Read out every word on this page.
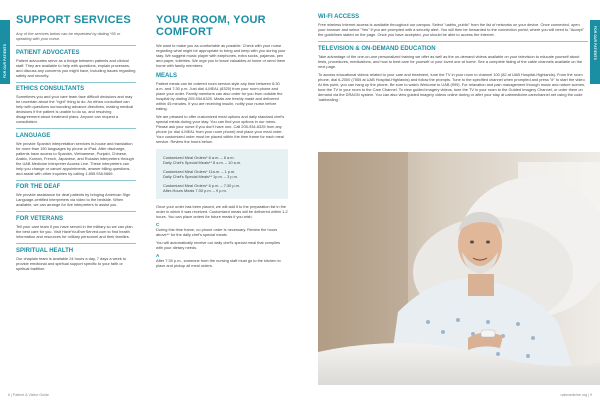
FOR OUR PATIENTS
FOR OUR PATIENTS
SUPPORT SERVICES

Any of the services below can be requested by dialing *55 or speaking with your nurse.

PATIENT ADVOCATES

Patient advocates serve as a bridge between patients and clinical staff. They are available to help with questions, explain processes, and discuss any concerns you might have, including issues regarding safety and security.

ETHICS CONSULTANTS

Sometimes you and your care team face difficult decisions and may be uncertain about the "right" thing to do. An ethics consultant can help with questions surrounding advance directives, making medical decisions if the patient is unable to do so, and resolving disagreement about treatment plans. Anyone can request a consultation.

LANGUAGE

We provide Spanish interpretation services in-house and translation for more than 150 languages by phone or iPad. After discharge, patients have access to Spanish, Vietnamese, Punjabi, Chinese, Arabic, Korean, French, Japanese, and Russian interpreters through the UAB Medicine Interpreter Access Line. These interpreters can help you change or cancel appointments, answer billing questions, and assist with other inquiries by calling 1.855.938.0669.

FOR THE DEAF

We provide assistance for deaf patients by bringing American Sign Language-certified interpreters via video to the bedside. When available, we can arrange for live interpreters to assist you.

FOR VETERANS

Tell your care team if you have served in the military so we can plan the best care for you. Visit HaveYouEverServed.com to find health information and resources for military personnel and their families.

SPIRITUAL HEALTH

Our chaplain team is available 24 hours a day, 7 days a week to provide emotional and spiritual support specific to your faith or spiritual tradition.

YOUR ROOM, YOUR COMFORT

We want to make you as comfortable as possible. Check with your nurse regarding what might be appropriate to bring and keep with you during your stay. We suggest music player with earphones, extra socks, pajamas, pen and paper, toiletries. We urge you to leave valuables at home or send them home with family members.

MEALS

Patient meals can be ordered room service-style any time between 6:30 a.m. and 7:30 p.m. Just dial 4-MEAL (6325) from your room phone and place your order. Family members can also order for you from outside the hospital by dialing 205.934.6325. Meals are freshly made and delivered within 45 minutes. If you are receiving insulin, notify your nurse before eating.

We are pleased to offer customized meal options and daily standard chef's special meals during your stay. You can find your options in our menu. Please ask your nurse if you don't have one. Call 205-934-6325 from any phone (or dial 4-MEAL from your room phone) and place your meal order. Your customized order must be placed within the time frame for each meal service. Review the hours below.

Customized Meal Orders* 6 a.m. – 8 a.m.
Daily Chef's Special Meals** 8 a.m. – 10 a.m.
Customized Meal Orders* 11a.m. – 1 p.m.
Daily Chef's Special Meals** 1p.m. – 3 p.m.
Customized Meal Orders* 6 p.m. – 7:30 p.m.
After-Hours Meals 7:30 p.m. – 9 p.m.

Once your order has been placed, we will add it to the preparation list in the order in which it was received. Customized meals will be delivered within 1-2 hours. You can place orders for future meals if you wish.

C

During this time frame, no phone order is necessary. Review the hours above** for the daily chef's special meals.

You will automatically receive our daily chef's special meal that complies with your dietary needs.

A

After 7:30 p.m., someone from the nursing staff must go to the kitchen to place and pickup all meal orders.

WI-FI ACCESS

Free wireless Internet access is available throughout our campus. Select "uabhs_public" from the list of networks on your device. Once connected, open your browser and select "Yes" if you are prompted with a security alert. You will then be forwarded to the connection portal, where you will need to "Accept" the guidelines stated on the page. Once you have accepted, you should be able to access the Internet.

TELEVISION & ON-DEMAND EDUCATION

Take advantage of the one-on-one personalized training we offer as well as the on-demand videos available on your television to educate yourself about tests, procedures, medications, and how to best care for yourself or your loved one at home. See a complete listing of the cable channels available on the next page.

To access educational videos related to your care and treatment, tune the TV in your room to channel 100 (82 at UAB Hospital-Highlands). From the room phone, dial 6-2000 (7555 at UAB Hospital-Highlands) and follow the prompts. Tune to the specified channel when prompted and press "#" to start the video. At this point, you can hang up the phone. Be sure to watch Welcome to UAB (999). For relaxation and pain management through music and nature scenes, tune the TV in your room to the Care Channel. To view guided imagery videos, tune the TV in your room to the Guided Imagery Channel, or order them on demand via the DRAGN system. You can also view guided imagery videos online during or after your stay at uabmedicine.carechannel.net using the code 'uabhealing.'

6 | Patient & Visitor Guide	uabmedicine.org | 9
